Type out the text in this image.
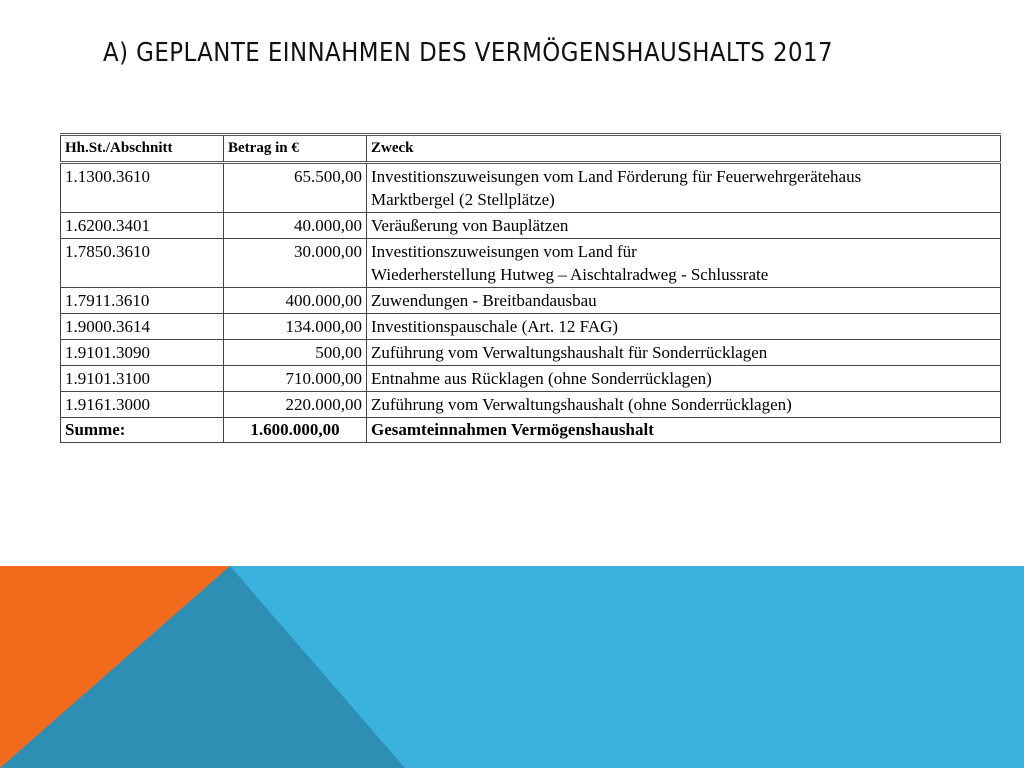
A) GEPLANTE EINNAHMEN DES VERMÖGENSHAUSHALTS 2017
Hh.St./Abschnitt	Betrag in €	Zweck
1.1300.3610	65.500,00	Investitionszuweisungen vom Land Förderung für Feuerwehrgerätehaus
Marktbergel (2 Stellplätze)

1.6200.3401	40.000,00	Veräußerung von Bauplätzen
1.7850.3610	30.000,00	Investitionszuweisungen vom Land für
Wiederherstellung Hutweg – Aischtalradweg - Schlussrate

1.7911.3610	400.000,00	Zuwendungen - Breitbandausbau
1.9000.3614	134.000,00	Investitionspauschale (Art. 12 FAG)
1.9101.3090	500,00	Zuführung vom Verwaltungshaushalt für Sonderrücklagen
1.9101.3100	710.000,00	Entnahme aus Rücklagen (ohne Sonderrücklagen)
1.9161.3000	220.000,00	Zuführung vom Verwaltungshaushalt (ohne Sonderrücklagen)
Summe:	1.600.000,00	Gesamteinnahmen Vermögenshaushalt
